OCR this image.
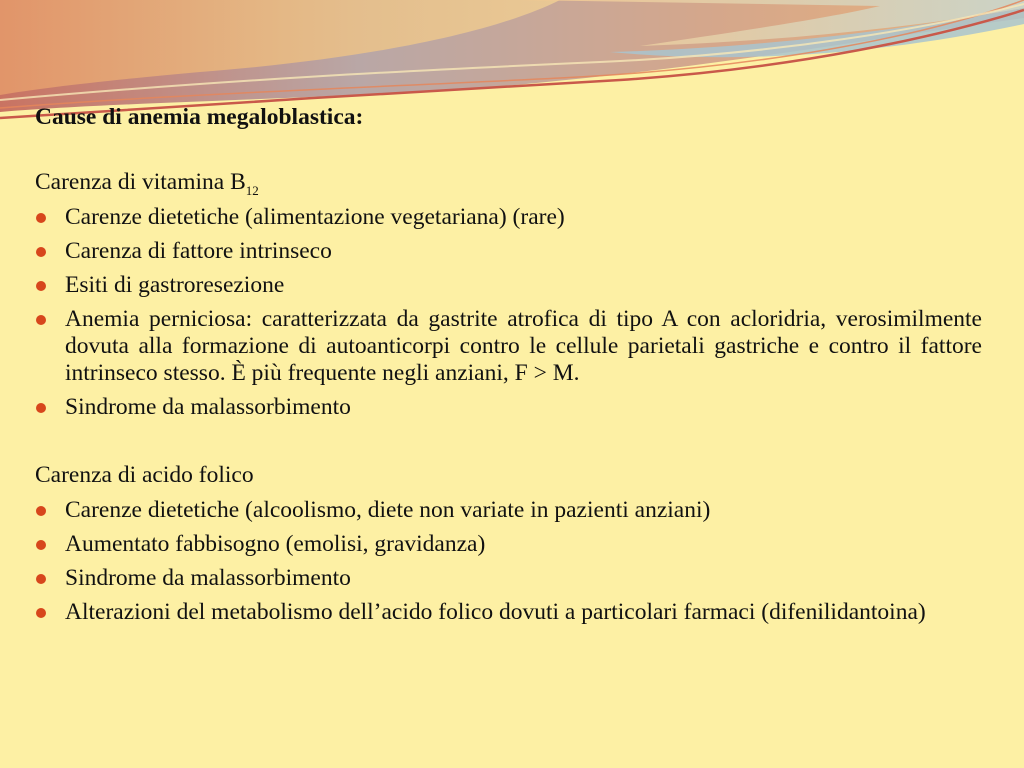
Cause di anemia megaloblastica:
Carenza di vitamina $B_{12}$
Carenze dietetiche (alimentazione vegetariana) (rare)
Carenza di fattore intrinseco
Esiti di gastroresezione
Anemia perniciosa: caratterizzata da gastrite atrofica di tipo A con acloridria, verosimilmente dovuta alla formazione di autoanticorpi contro le cellule parietali gastriche e contro il fattore intrinseco stesso. È più frequente negli anziani, F > M.
Sindrome da malassorbimento
Carenza di acido folico
Carenze dietetiche (alcoolismo, diete non variate in pazienti anziani)
Aumentato fabbisogno (emolisi, gravidanza)
Sindrome da malassorbimento
Alterazioni del metabolismo dell’acido folico dovuti a particolari farmaci (difenilidantoina)
